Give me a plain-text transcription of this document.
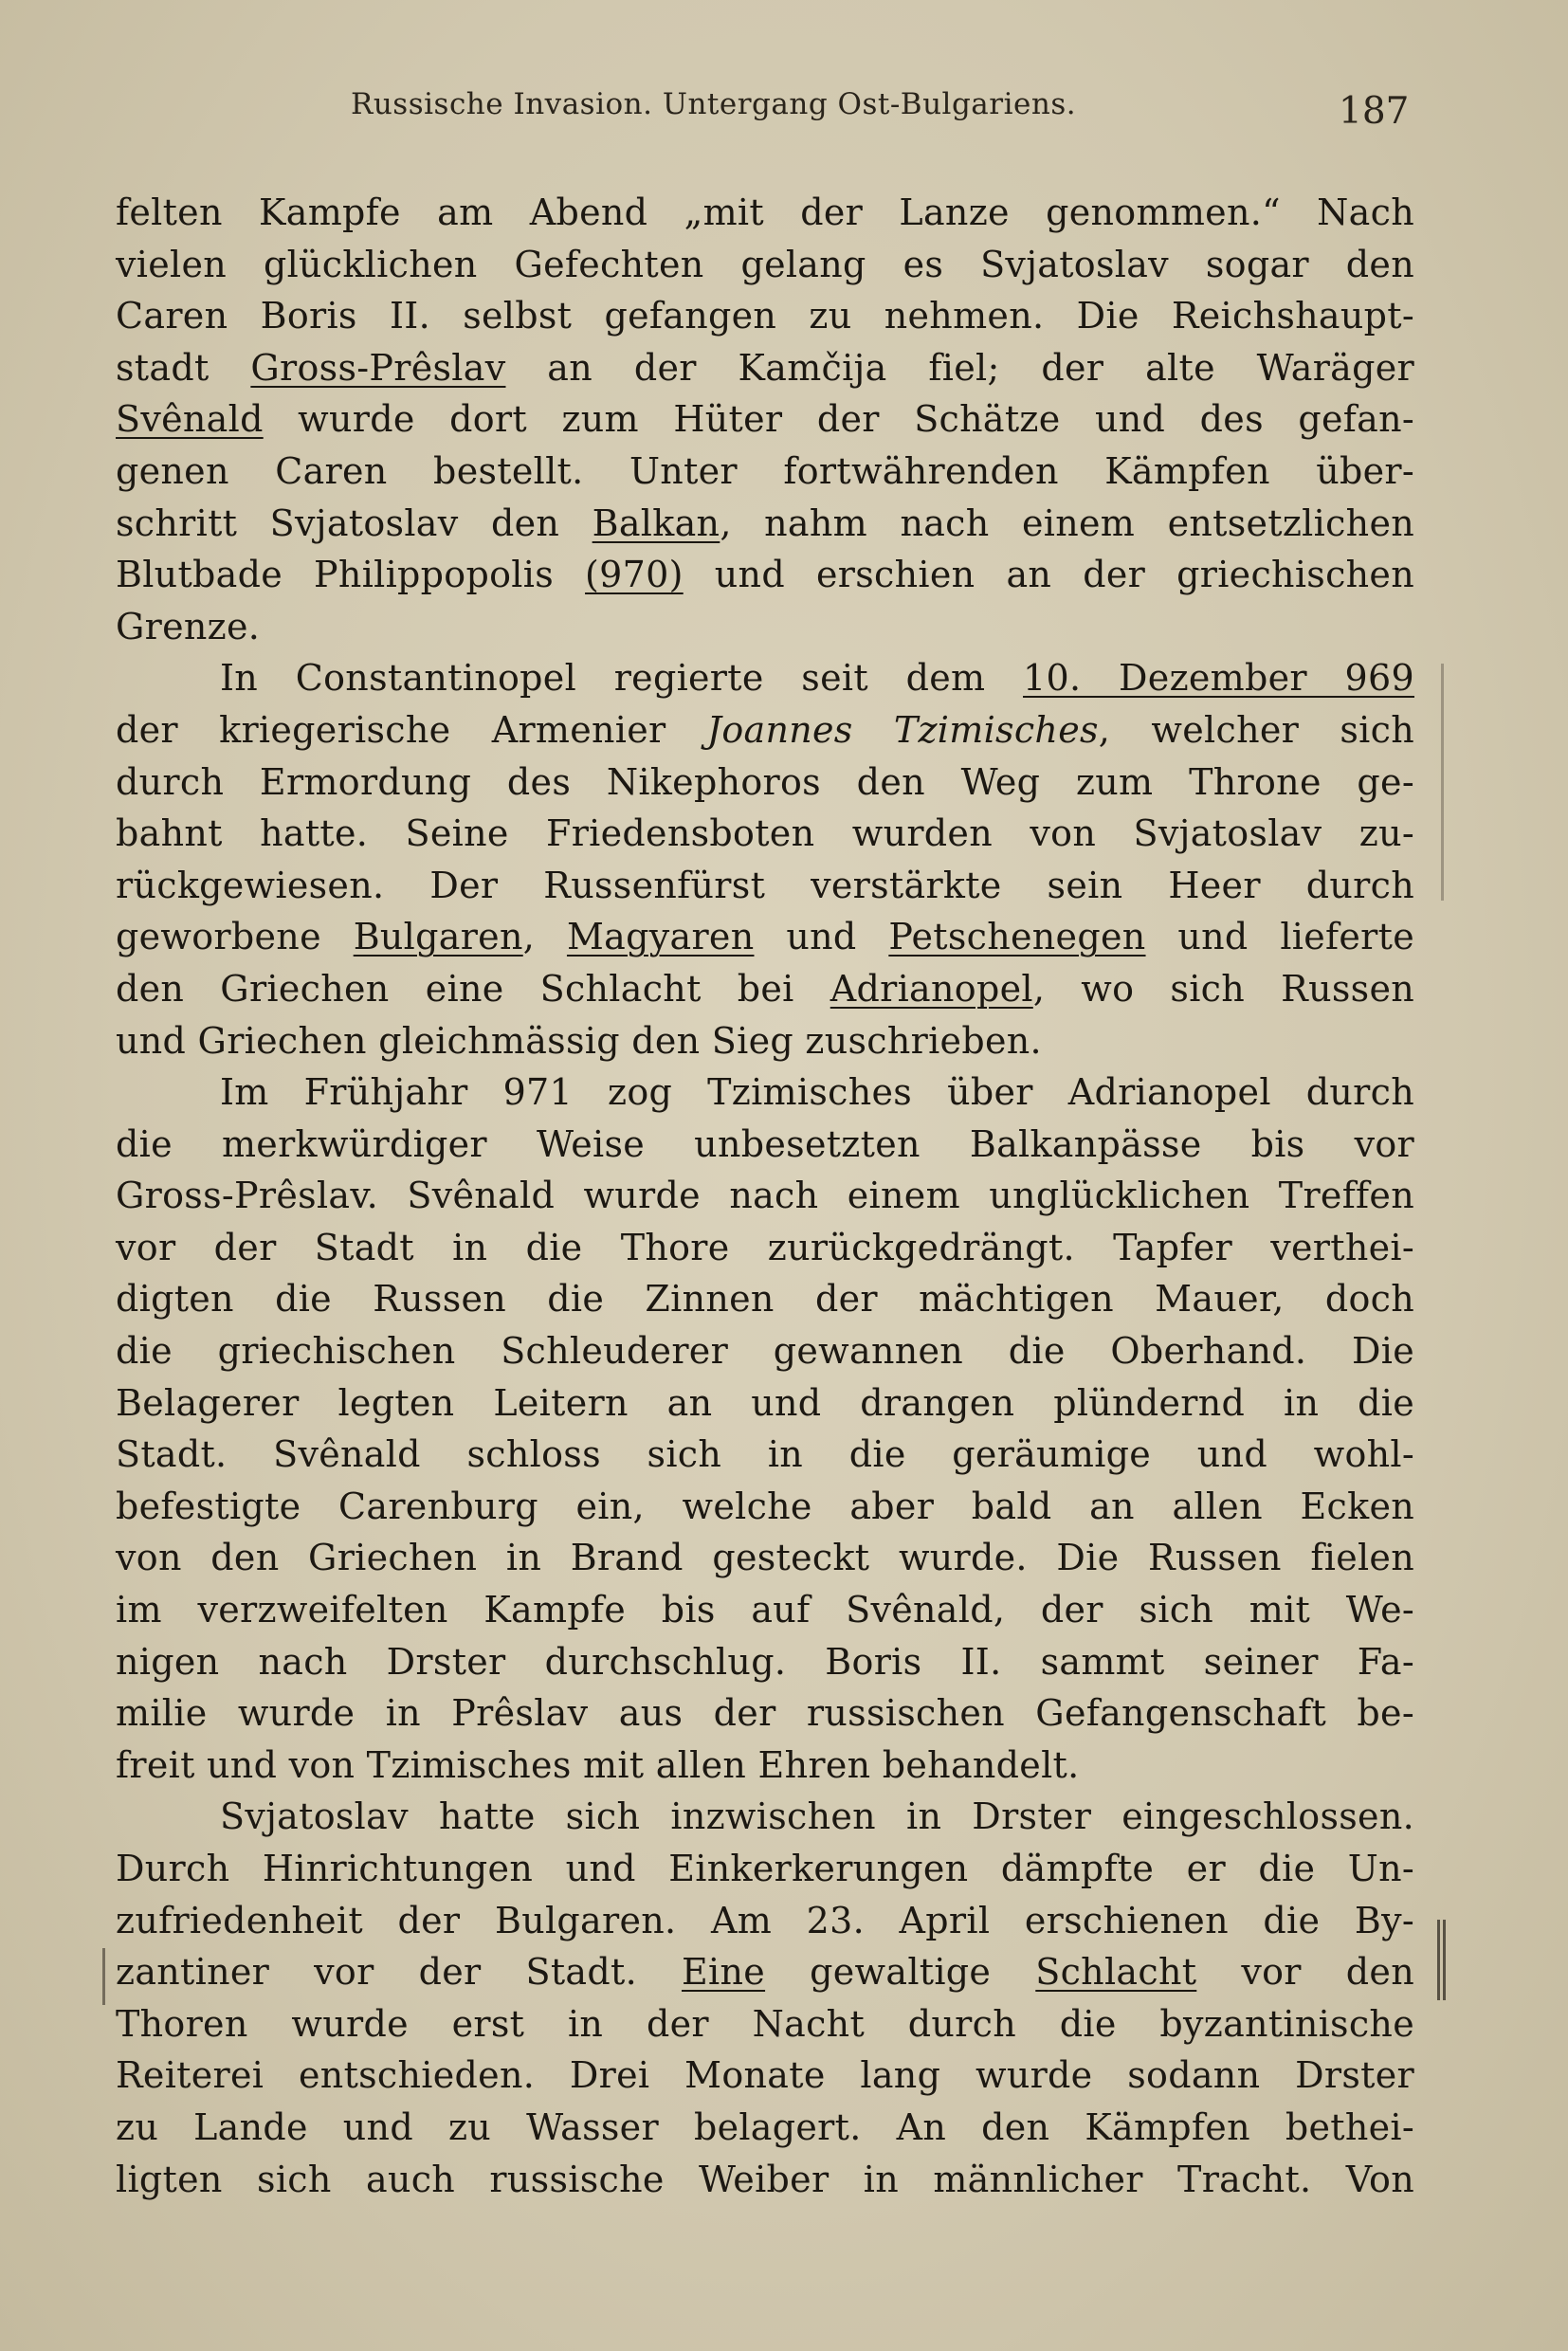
Russische Invasion. Untergang Ost-Bulgariens.	187
felten Kampfe am Abend „mit der Lanze genommen.“ Nach
vielen glücklichen Gefechten gelang es Svjatoslav sogar den
Caren Boris II. selbst gefangen zu nehmen. Die Reichshaupt-
stadt Gross-Prêslav an der Kamčija fiel; der alte Waräger
Svênald wurde dort zum Hüter der Schätze und des gefan-
genen Caren bestellt. Unter fortwährenden Kämpfen über-
schritt Svjatoslav den Balkan, nahm nach einem entsetzlichen
Blutbade Philippopolis (970) und erschien an der griechischen
Grenze.
In Constantinopel regierte seit dem 10. Dezember 969
der kriegerische Armenier Joannes Tzimisches, welcher sich
durch Ermordung des Nikephoros den Weg zum Throne ge-
bahnt hatte. Seine Friedensboten wurden von Svjatoslav zu-
rückgewiesen. Der Russenfürst verstärkte sein Heer durch
geworbene Bulgaren, Magyaren und Petschenegen und lieferte
den Griechen eine Schlacht bei Adrianopel, wo sich Russen
und Griechen gleichmässig den Sieg zuschrieben.
Im Frühjahr 971 zog Tzimisches über Adrianopel durch
die merkwürdiger Weise unbesetzten Balkanpässe bis vor
Gross-Prêslav. Svênald wurde nach einem unglücklichen Treffen
vor der Stadt in die Thore zurückgedrängt. Tapfer verthei-
digten die Russen die Zinnen der mächtigen Mauer, doch
die griechischen Schleuderer gewannen die Oberhand. Die
Belagerer legten Leitern an und drangen plündernd in die
Stadt. Svênald schloss sich in die geräumige und wohl-
befestigte Carenburg ein, welche aber bald an allen Ecken
von den Griechen in Brand gesteckt wurde. Die Russen fielen
im verzweifelten Kampfe bis auf Svênald, der sich mit We-
nigen nach Drster durchschlug. Boris II. sammt seiner Fa-
milie wurde in Prêslav aus der russischen Gefangenschaft be-
freit und von Tzimisches mit allen Ehren behandelt.
Svjatoslav hatte sich inzwischen in Drster eingeschlossen.
Durch Hinrichtungen und Einkerkerungen dämpfte er die Un-
zufriedenheit der Bulgaren. Am 23. April erschienen die By-
zantiner vor der Stadt. Eine gewaltige Schlacht vor den
Thoren wurde erst in der Nacht durch die byzantinische
Reiterei entschieden. Drei Monate lang wurde sodann Drster
zu Lande und zu Wasser belagert. An den Kämpfen bethei-
ligten sich auch russische Weiber in männlicher Tracht. Von
